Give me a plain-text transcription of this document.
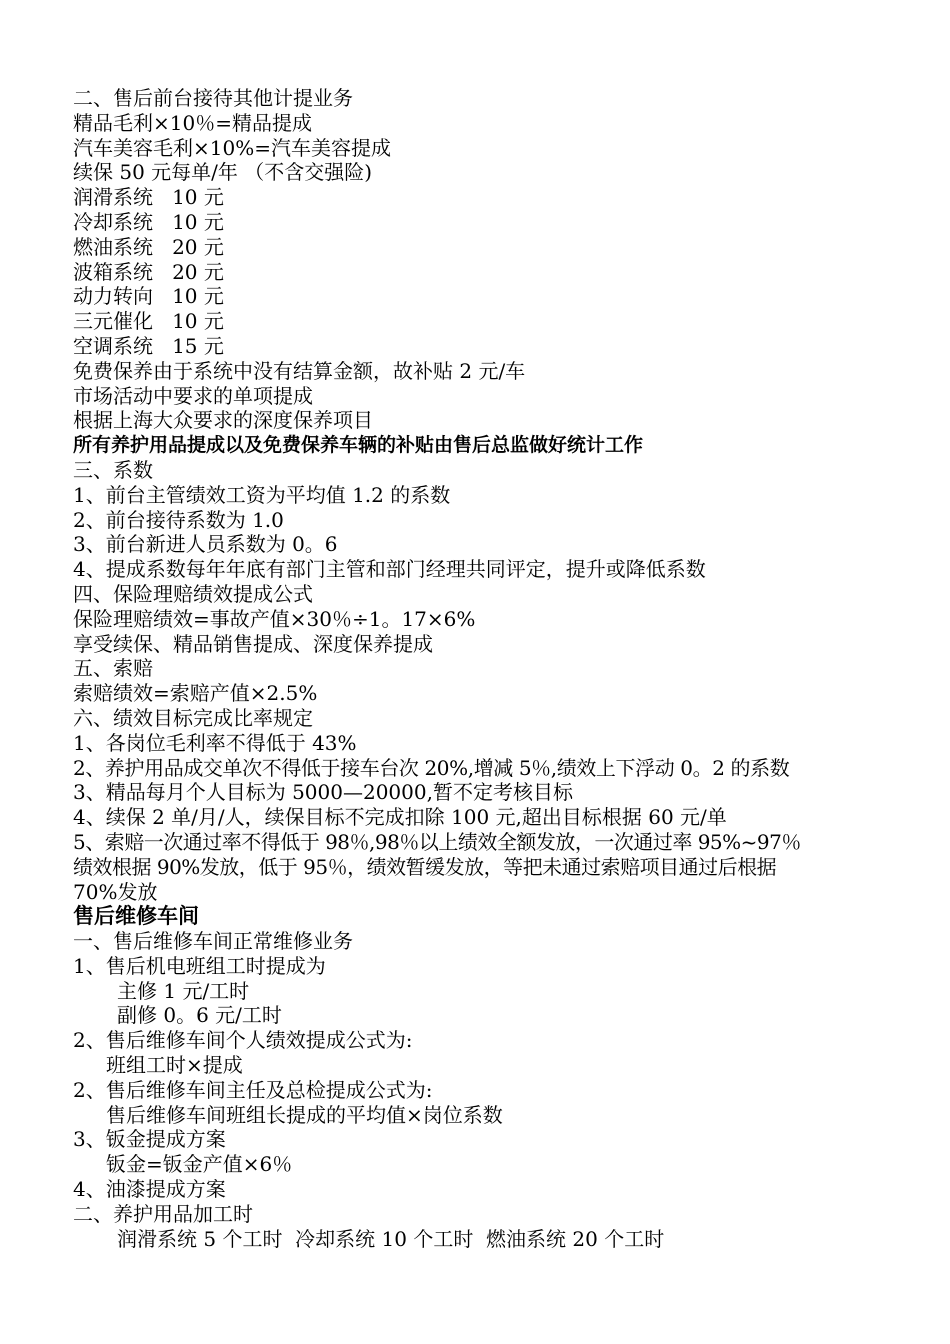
二、售后前台接待其他计提业务
精品毛利×10％=精品提成
汽车美容毛利×10%=汽车美容提成
续保 50 元每单/年 （不含交强险)
润滑系统   10 元
冷却系统   10 元
燃油系统   20 元
波箱系统   20 元
动力转向   10 元
三元催化   10 元
空调系统   15 元
免费保养由于系统中没有结算金额，故补贴 2 元/车
市场活动中要求的单项提成
根据上海大众要求的深度保养项目
所有养护用品提成以及免费保养车辆的补贴由售后总监做好统计工作
三、系数
1、前台主管绩效工资为平均值 1.2 的系数
2、前台接待系数为 1.0
3、前台新进人员系数为 0。6
4、提成系数每年年底有部门主管和部门经理共同评定，提升或降低系数
四、保险理赔绩效提成公式
保险理赔绩效=事故产值×30％÷1。17×6%
享受续保、精品销售提成、深度保养提成
五、索赔
索赔绩效=索赔产值×2.5%
六、绩效目标完成比率规定
1、各岗位毛利率不得低于 43%
2、养护用品成交单次不得低于接车台次 20%,增减 5％,绩效上下浮动 0。2 的系数
3、精品每月个人目标为 5000—20000,暂不定考核目标
4、续保 2 单/月/人，续保目标不完成扣除 100 元,超出目标根据 60 元/单
5、索赔一次通过率不得低于 98％,98％以上绩效全额发放，一次通过率 95%~97％
绩效根据 90%发放，低于 95％，绩效暂缓发放，等把未通过索赔项目通过后根据
70%发放
售后维修车间
一、售后维修车间正常维修业务
1、售后机电班组工时提成为
主修 1 元/工时
副修 0。6 元/工时
2、售后维修车间个人绩效提成公式为:
班组工时×提成
2、售后维修车间主任及总检提成公式为:
售后维修车间班组长提成的平均值×岗位系数
3、钣金提成方案
钣金=钣金产值×6％
4、油漆提成方案
二、养护用品加工时
润滑系统 5 个工时  冷却系统 10 个工时  燃油系统 20 个工时
